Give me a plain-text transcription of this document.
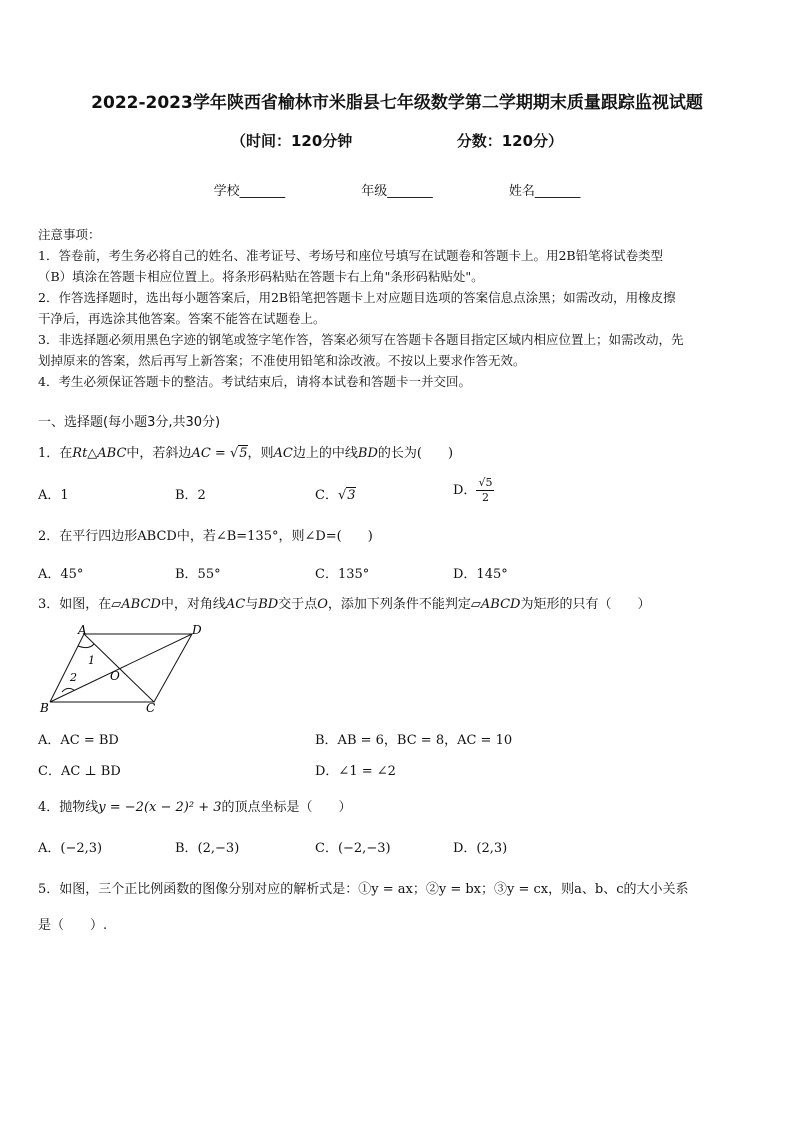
2022-2023学年陕西省榆林市米脂县七年级数学第二学期期末质量跟踪监视试题
（时间：120分钟                    分数：120分）
学校_______	年级_______	姓名_______

注意事项：

1．答卷前，考生务必将自己的姓名、准考证号、考场号和座位号填写在试题卷和答题卡上。用2B铅笔将试卷类型

（B）填涂在答题卡相应位置上。将条形码粘贴在答题卡右上角"条形码粘贴处"。

2．作答选择题时，选出每小题答案后，用2B铅笔把答题卡上对应题目选项的答案信息点涂黑；如需改动，用橡皮擦

干净后，再选涂其他答案。答案不能答在试题卷上。

3．非选择题必须用黑色字迹的钢笔或签字笔作答，答案必须写在答题卡各题目指定区域内相应位置上；如需改动，先

划掉原来的答案，然后再写上新答案；不准使用铅笔和涂改液。不按以上要求作答无效。

4．考生必须保证答题卡的整洁。考试结束后，请将本试卷和答题卡一并交回。

一、选择题(每小题3分,共30分)
1．在Rt△ABC中，若斜边AC = √5，则AC边上的中线BD的长为(　　)
A．1	B．2	C．√3	D． $\frac{√5}{2}$
2．在平行四边形ABCD中，若∠B=135°，则∠D=(　　)
A．45°	B．55°	C．135°	D．145°
3．如图，在▱ABCD中，对角线AC与BD交于点O，添加下列条件不能判定▱ABCD为矩形的只有（　　）
A	D
B	C
O
1
2
A．AC = BD	B．AB = 6，BC = 8，AC = 10
C．AC ⊥ BD	D．∠1 = ∠2
4．抛物线y = −2(x − 2)² + 3的顶点坐标是（　　）
A．(−2,3)	B．(2,−3)	C．(−2,−3)	D．(2,3)
5．如图，三个正比例函数的图像分别对应的解析式是：①y = ax；②y = bx；③y = cx，则a、b、c的大小关系
是（　　）.
